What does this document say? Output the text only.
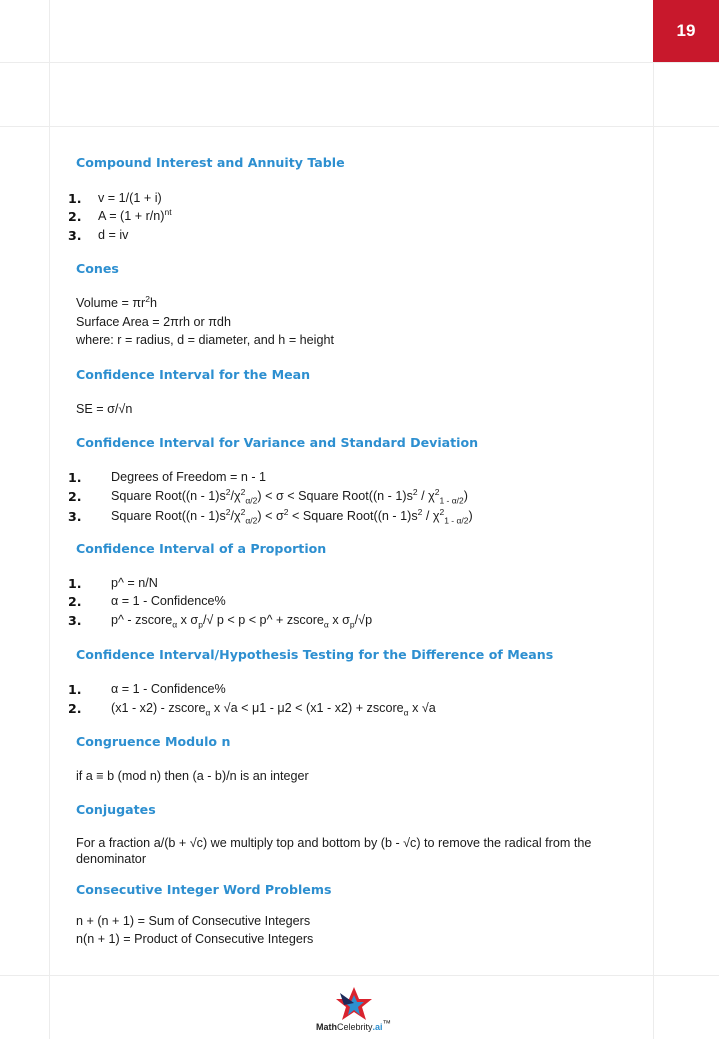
19
Compound Interest and Annuity Table
1. v = 1/(1 + i)
2. $A = (1 + r/n)^{nt}$
3. d = iv
Cones
Volume = $\pi r^2h$
Surface Area = 2πrh or πdh
where: r = radius, d = diameter, and h = height
Confidence Interval for the Mean
SE = σ/√n
Confidence Interval for Variance and Standard Deviation
1. Degrees of Freedom = n - 1
2. Square Root((n - $1)s^2/\chi^2_{\alpha/2}) < \sigma$ < Square Root((n - $1)s^2 / \chi^2_{1 - \alpha/2}$)
3. Square Root((n - $1)s^2/\chi^2_{\alpha/2}) < \sigma^2$ < Square Root((n - $1)s^2 / \chi^2_{1 - \alpha/2}$)
Confidence Interval of a Proportion
1. p^ = n/N
2. α = 1 - Confidence%
3. p^ - zscore$_\alpha$ x $\sigma_p/√$ p < p < p^ + zscore$_\alpha$ x $\sigma_p/√p$
Confidence Interval/Hypothesis Testing for the Difference of Means
1. α = 1 - Confidence%
2. (x1 - x2) - zscore$_\alpha$ x √a < μ1 - μ2 < (x1 - x2) + zscore$_\alpha$ x √a
Congruence Modulo n
if a ≡ b (mod n) then (a - b)/n is an integer
Conjugates
For a fraction a/(b + √c) we multiply top and bottom by (b - √c) to remove the radical from the
denominator
Consecutive Integer Word Problems
n + (n + 1) = Sum of Consecutive Integers
n(n + 1) = Product of Consecutive Integers
MathCelebrity.ai™
